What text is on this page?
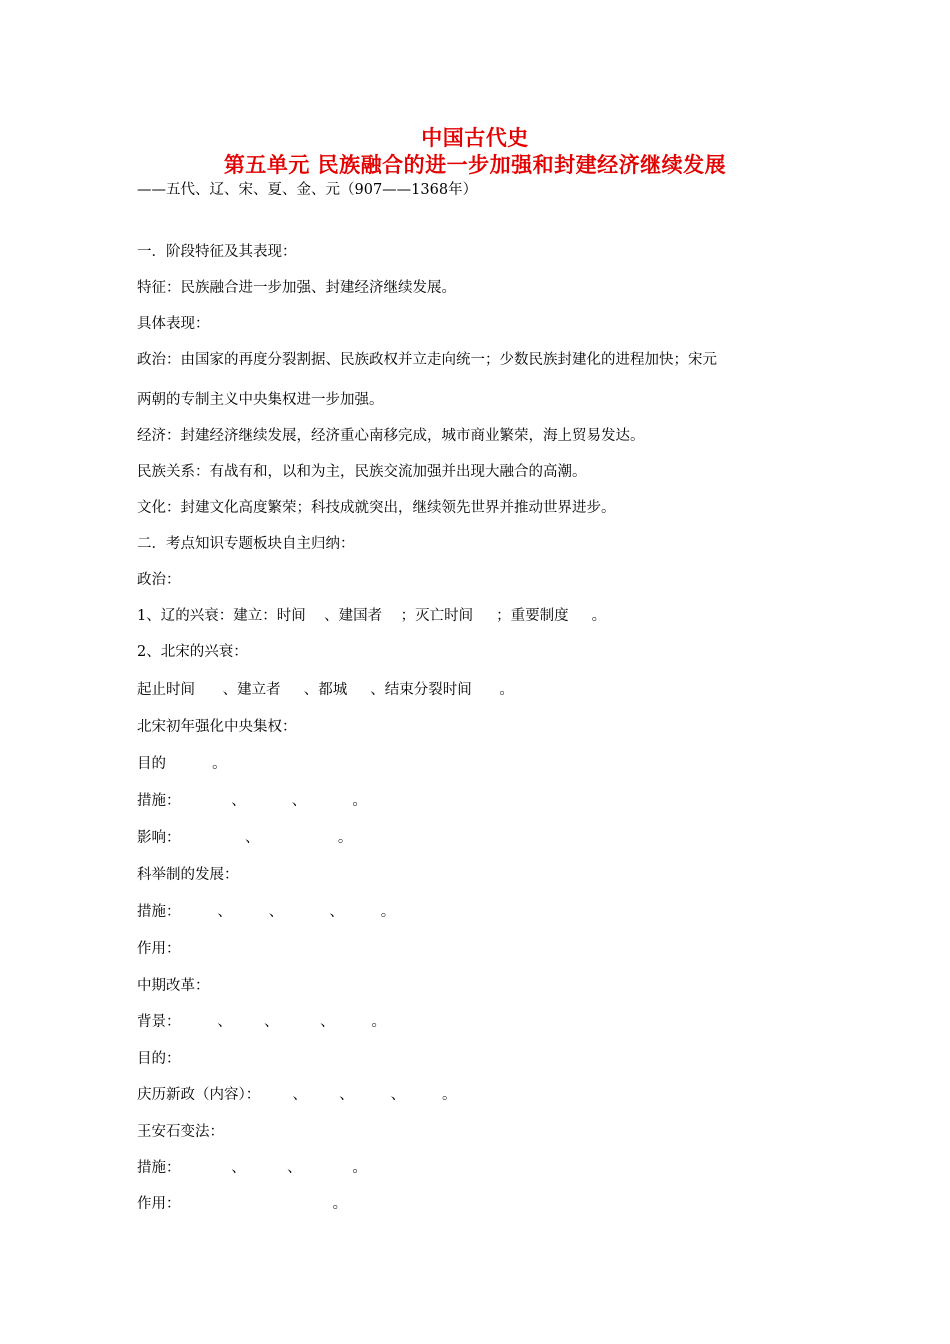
中国古代史
第五单元 民族融合的进一步加强和封建经济继续发展
——五代、辽、宋、夏、金、元（907——1368年）
一．阶段特征及其表现：
特征：民族融合进一步加强、封建经济继续发展。
具体表现：
政治：由国家的再度分裂割据、民族政权并立走向统一；少数民族封建化的进程加快；宋元
两朝的专制主义中央集权进一步加强。
经济：封建经济继续发展，经济重心南移完成，城市商业繁荣，海上贸易发达。
民族关系：有战有和，以和为主，民族交流加强并出现大融合的高潮。
文化：封建文化高度繁荣；科技成就突出，继续领先世界并推动世界进步。
二．考点知识专题板块自主归纳：
政治：
1、辽的兴衰：建立：时间    、建国者    ；灭亡时间     ；重要制度     。
2、北宋的兴衰：
起止时间      、建立者     、都城     、结束分裂时间      。
北宋初年强化中央集权：
目的          。
措施：           、          、          。
影响：              、                 。
科举制的发展：
措施：        、        、          、        。
作用：
中期改革：
背景：        、       、         、        。
目的：
庆历新政（内容）：       、       、        、        。
王安石变法：
措施：           、         、           。
作用：                                 。
